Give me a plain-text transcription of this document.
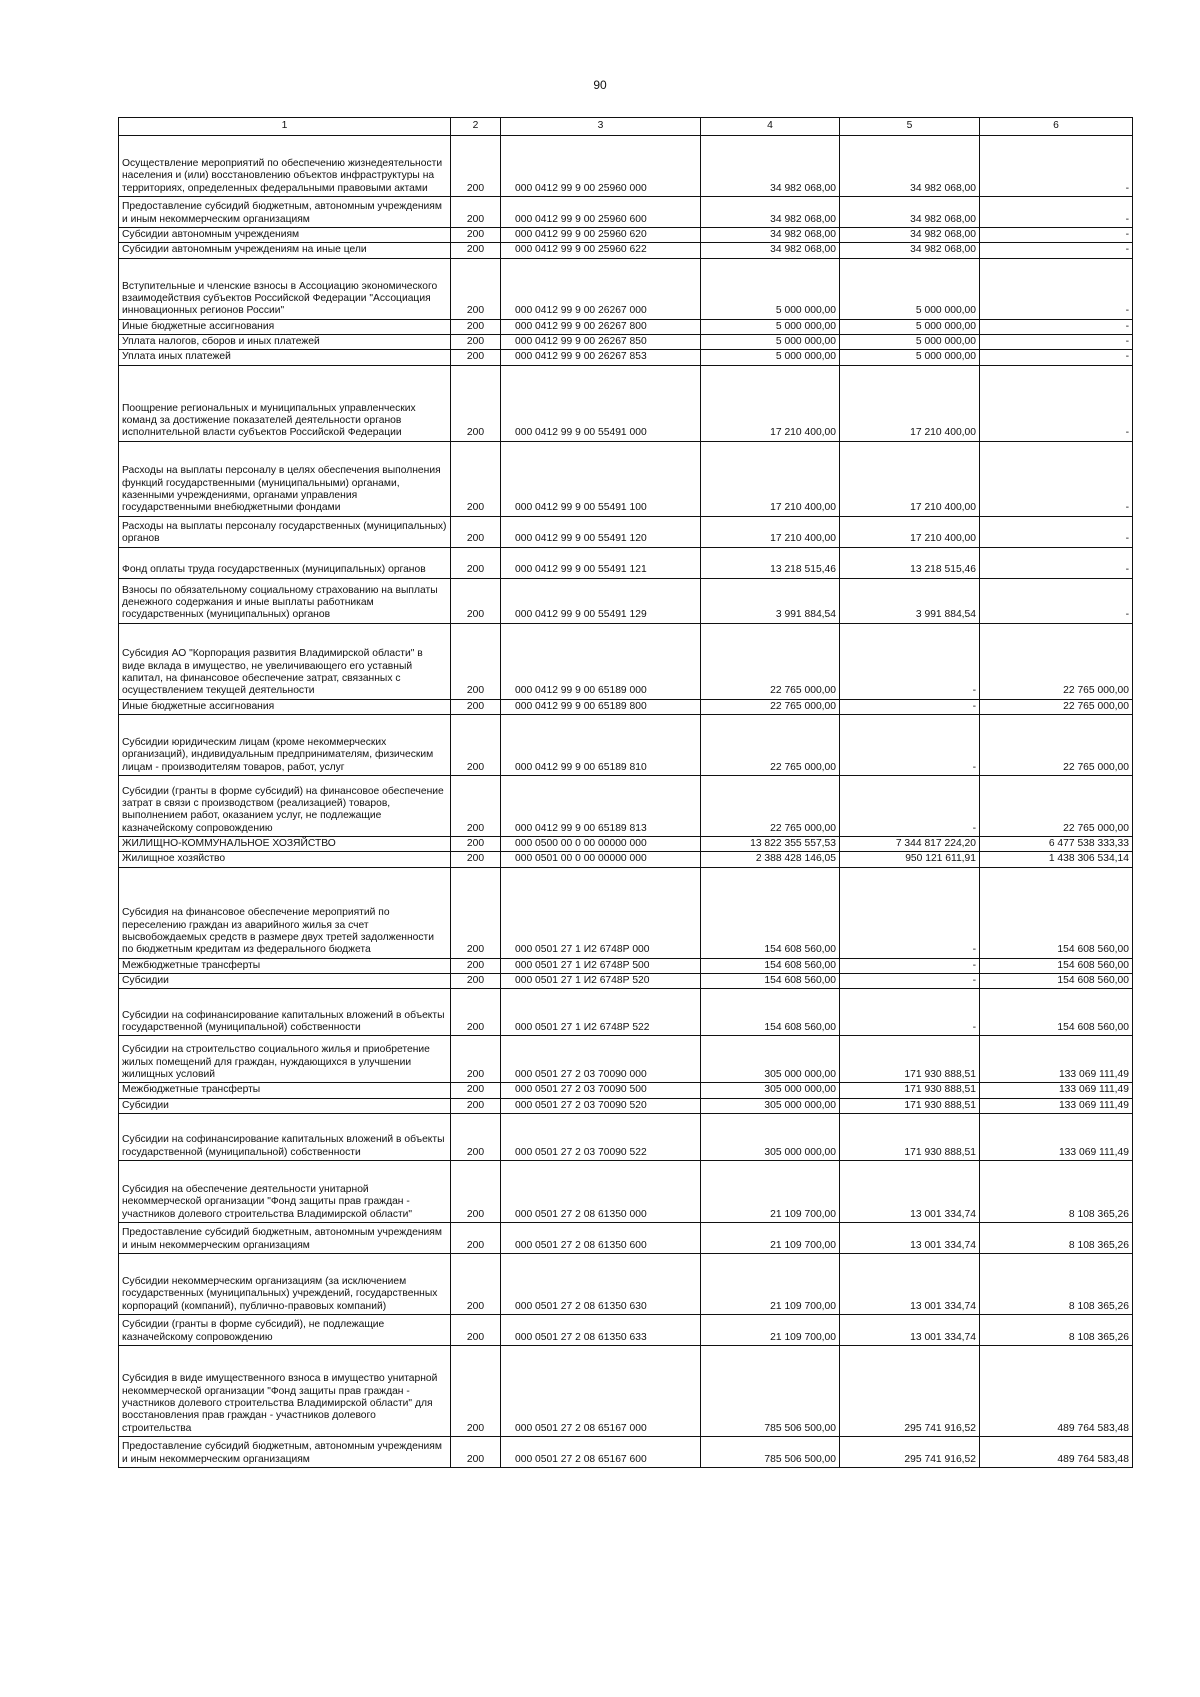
90
1	2	3	4	5	6
Осуществление мероприятий по обеспечению жизнедеятельности населения и (или) восстановлению объектов инфраструктуры на территориях, определенных федеральными правовыми актами	200	000 0412 99 9 00 25960 000	34 982 068,00	34 982 068,00	-
Предоставление субсидий бюджетным, автономным учреждениям и иным некоммерческим организациям	200	000 0412 99 9 00 25960 600	34 982 068,00	34 982 068,00	-
Субсидии автономным учреждениям	200	000 0412 99 9 00 25960 620	34 982 068,00	34 982 068,00	-
Субсидии автономным учреждениям на иные цели	200	000 0412 99 9 00 25960 622	34 982 068,00	34 982 068,00	-
Вступительные и членские взносы в Ассоциацию экономического взаимодействия субъектов Российской Федерации "Ассоциация инновационных регионов России"	200	000 0412 99 9 00 26267 000	5 000 000,00	5 000 000,00	-
Иные бюджетные ассигнования	200	000 0412 99 9 00 26267 800	5 000 000,00	5 000 000,00	-
Уплата налогов, сборов и иных платежей	200	000 0412 99 9 00 26267 850	5 000 000,00	5 000 000,00	-
Уплата иных платежей	200	000 0412 99 9 00 26267 853	5 000 000,00	5 000 000,00	-
Поощрение региональных и муниципальных управленческих команд за достижение показателей деятельности органов исполнительной власти субъектов Российской Федерации	200	000 0412 99 9 00 55491 000	17 210 400,00	17 210 400,00	-
Расходы на выплаты персоналу в целях обеспечения выполнения функций государственными (муниципальными) органами, казенными учреждениями, органами управления государственными внебюджетными фондами	200	000 0412 99 9 00 55491 100	17 210 400,00	17 210 400,00	-
Расходы на выплаты персоналу государственных (муниципальных) органов	200	000 0412 99 9 00 55491 120	17 210 400,00	17 210 400,00	-
Фонд оплаты труда государственных (муниципальных) органов	200	000 0412 99 9 00 55491 121	13 218 515,46	13 218 515,46	-
Взносы по обязательному социальному страхованию на выплаты денежного содержания и иные выплаты работникам государственных (муниципальных) органов	200	000 0412 99 9 00 55491 129	3 991 884,54	3 991 884,54	-
Субсидия АО "Корпорация развития Владимирской области" в виде вклада в имущество, не увеличивающего его уставный капитал, на финансовое обеспечение затрат, связанных с осуществлением текущей деятельности	200	000 0412 99 9 00 65189 000	22 765 000,00	-	22 765 000,00
Иные бюджетные ассигнования	200	000 0412 99 9 00 65189 800	22 765 000,00	-	22 765 000,00
Субсидии юридическим лицам (кроме некоммерческих организаций), индивидуальным предпринимателям, физическим лицам - производителям товаров, работ, услуг	200	000 0412 99 9 00 65189 810	22 765 000,00	-	22 765 000,00
Субсидии (гранты в форме субсидий) на финансовое обеспечение затрат в связи с производством (реализацией) товаров, выполнением работ, оказанием услуг, не подлежащие казначейскому сопровождению	200	000 0412 99 9 00 65189 813	22 765 000,00	-	22 765 000,00
ЖИЛИЩНО-КОММУНАЛЬНОЕ ХОЗЯЙСТВО	200	000 0500 00 0 00 00000 000	13 822 355 557,53	7 344 817 224,20	6 477 538 333,33
Жилищное хозяйство	200	000 0501 00 0 00 00000 000	2 388 428 146,05	950 121 611,91	1 438 306 534,14
Субсидия на финансовое обеспечение мероприятий по переселению граждан из аварийного жилья за счет высвобождаемых средств в размере двух третей задолженности по бюджетным кредитам из федерального бюджета	200	000 0501 27 1 И2 6748Р 000	154 608 560,00	-	154 608 560,00
Межбюджетные трансферты	200	000 0501 27 1 И2 6748Р 500	154 608 560,00	-	154 608 560,00
Субсидии	200	000 0501 27 1 И2 6748Р 520	154 608 560,00	-	154 608 560,00
Субсидии на софинансирование капитальных вложений в объекты государственной (муниципальной) собственности	200	000 0501 27 1 И2 6748Р 522	154 608 560,00	-	154 608 560,00
Субсидии на строительство социального жилья и приобретение жилых помещений для граждан, нуждающихся в улучшении жилищных условий	200	000 0501 27 2 03 70090 000	305 000 000,00	171 930 888,51	133 069 111,49
Межбюджетные трансферты	200	000 0501 27 2 03 70090 500	305 000 000,00	171 930 888,51	133 069 111,49
Субсидии	200	000 0501 27 2 03 70090 520	305 000 000,00	171 930 888,51	133 069 111,49
Субсидии на софинансирование капитальных вложений в объекты государственной (муниципальной) собственности	200	000 0501 27 2 03 70090 522	305 000 000,00	171 930 888,51	133 069 111,49
Субсидия на обеспечение деятельности унитарной некоммерческой организации "Фонд защиты прав граждан - участников долевого строительства Владимирской области"	200	000 0501 27 2 08 61350 000	21 109 700,00	13 001 334,74	8 108 365,26
Предоставление субсидий бюджетным, автономным учреждениям и иным некоммерческим организациям	200	000 0501 27 2 08 61350 600	21 109 700,00	13 001 334,74	8 108 365,26
Субсидии некоммерческим организациям (за исключением государственных (муниципальных) учреждений, государственных корпораций (компаний), публично-правовых компаний)	200	000 0501 27 2 08 61350 630	21 109 700,00	13 001 334,74	8 108 365,26
Субсидии (гранты в форме субсидий), не подлежащие казначейскому сопровождению	200	000 0501 27 2 08 61350 633	21 109 700,00	13 001 334,74	8 108 365,26
Субсидия в виде имущественного взноса в имущество унитарной некоммерческой организации "Фонд защиты прав граждан - участников долевого строительства Владимирской области" для восстановления прав граждан - участников долевого строительства	200	000 0501 27 2 08 65167 000	785 506 500,00	295 741 916,52	489 764 583,48
Предоставление субсидий бюджетным, автономным учреждениям и иным некоммерческим организациям	200	000 0501 27 2 08 65167 600	785 506 500,00	295 741 916,52	489 764 583,48
